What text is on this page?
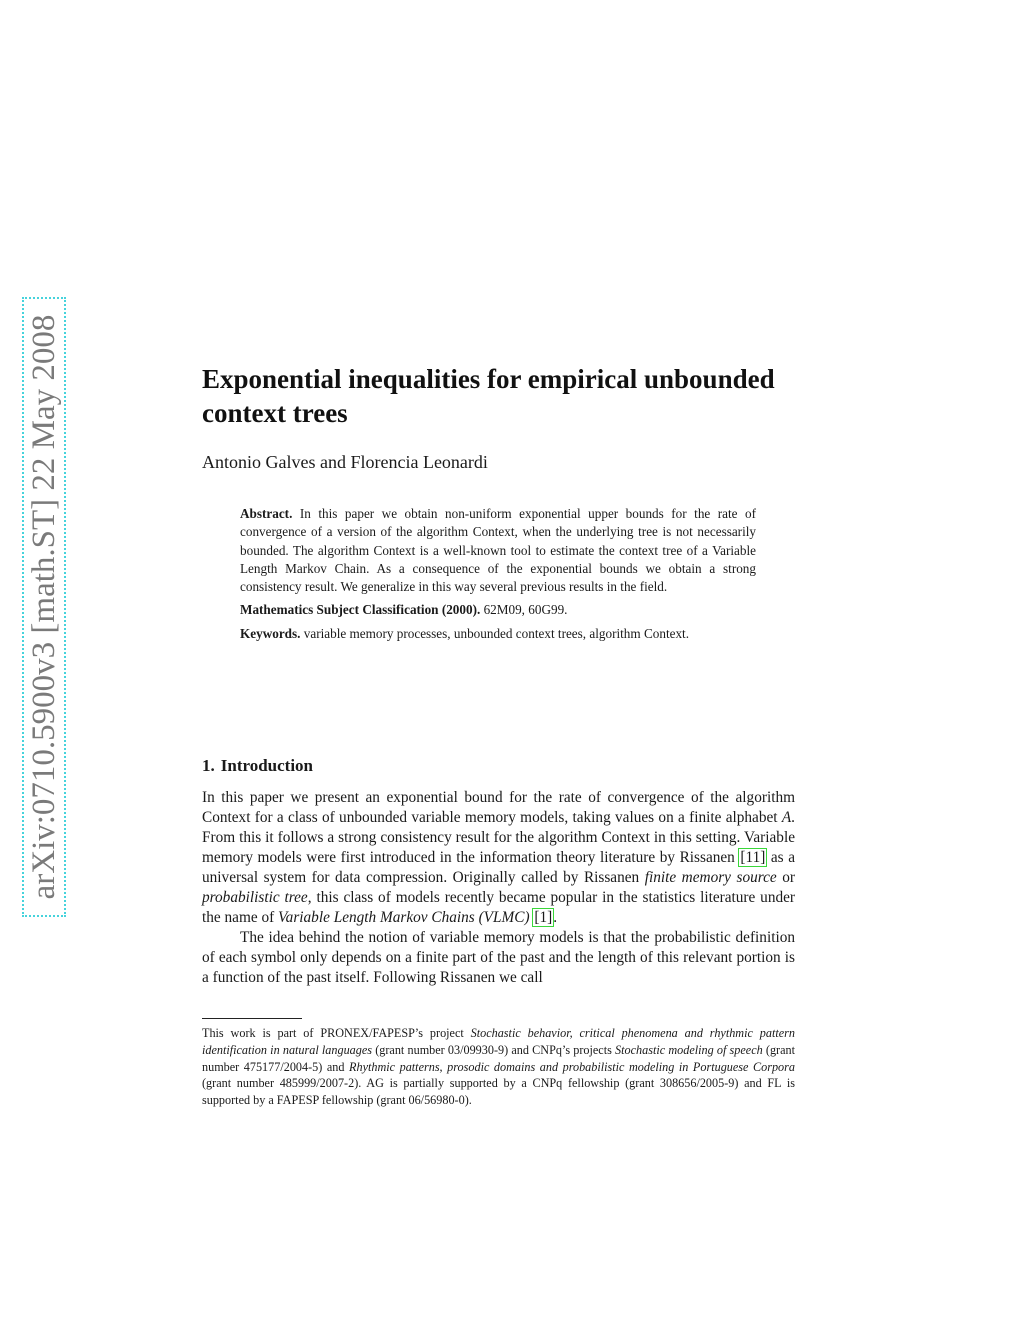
arXiv:0710.5900v3 [math.ST] 22 May 2008	Exponential inequalities for empirical unbounded context trees

Antonio Galves and Florencia Leonardi

Abstract. In this paper we obtain non-uniform exponential upper bounds for the rate of convergence of a version of the algorithm Context, when the underlying tree is not necessarily bounded. The algorithm Context is a well-known tool to estimate the context tree of a Variable Length Markov Chain. As a consequence of the exponential bounds we obtain a strong consistency result. We generalize in this way several previous results in the field.

Mathematics Subject Classification (2000). 62M09, 60G99.

Keywords. variable memory processes, unbounded context trees, algorithm Context.

1. Introduction

In this paper we present an exponential bound for the rate of convergence of the algorithm Context for a class of unbounded variable memory models, taking values on a finite alphabet A. From this it follows a strong consistency result for the algorithm Context in this setting. Variable memory models were first introduced in the information theory literature by Rissanen [11] as a universal system for data compression. Originally called by Rissanen finite memory source or probabilistic tree, this class of models recently became popular in the statistics literature under the name of Variable Length Markov Chains (VLMC) [1].

The idea behind the notion of variable memory models is that the probabilistic definition of each symbol only depends on a finite part of the past and the length of this relevant portion is a function of the past itself. Following Rissanen we call

This work is part of PRONEX/FAPESP’s project Stochastic behavior, critical phenomena and rhythmic pattern identification in natural languages (grant number 03/09930-9) and CNPq’s projects Stochastic modeling of speech (grant number 475177/2004-5) and Rhythmic patterns, prosodic domains and probabilistic modeling in Portuguese Corpora (grant number 485999/2007-2). AG is partially supported by a CNPq fellowship (grant 308656/2005-9) and FL is supported by a FAPESP fellowship (grant 06/56980-0).
